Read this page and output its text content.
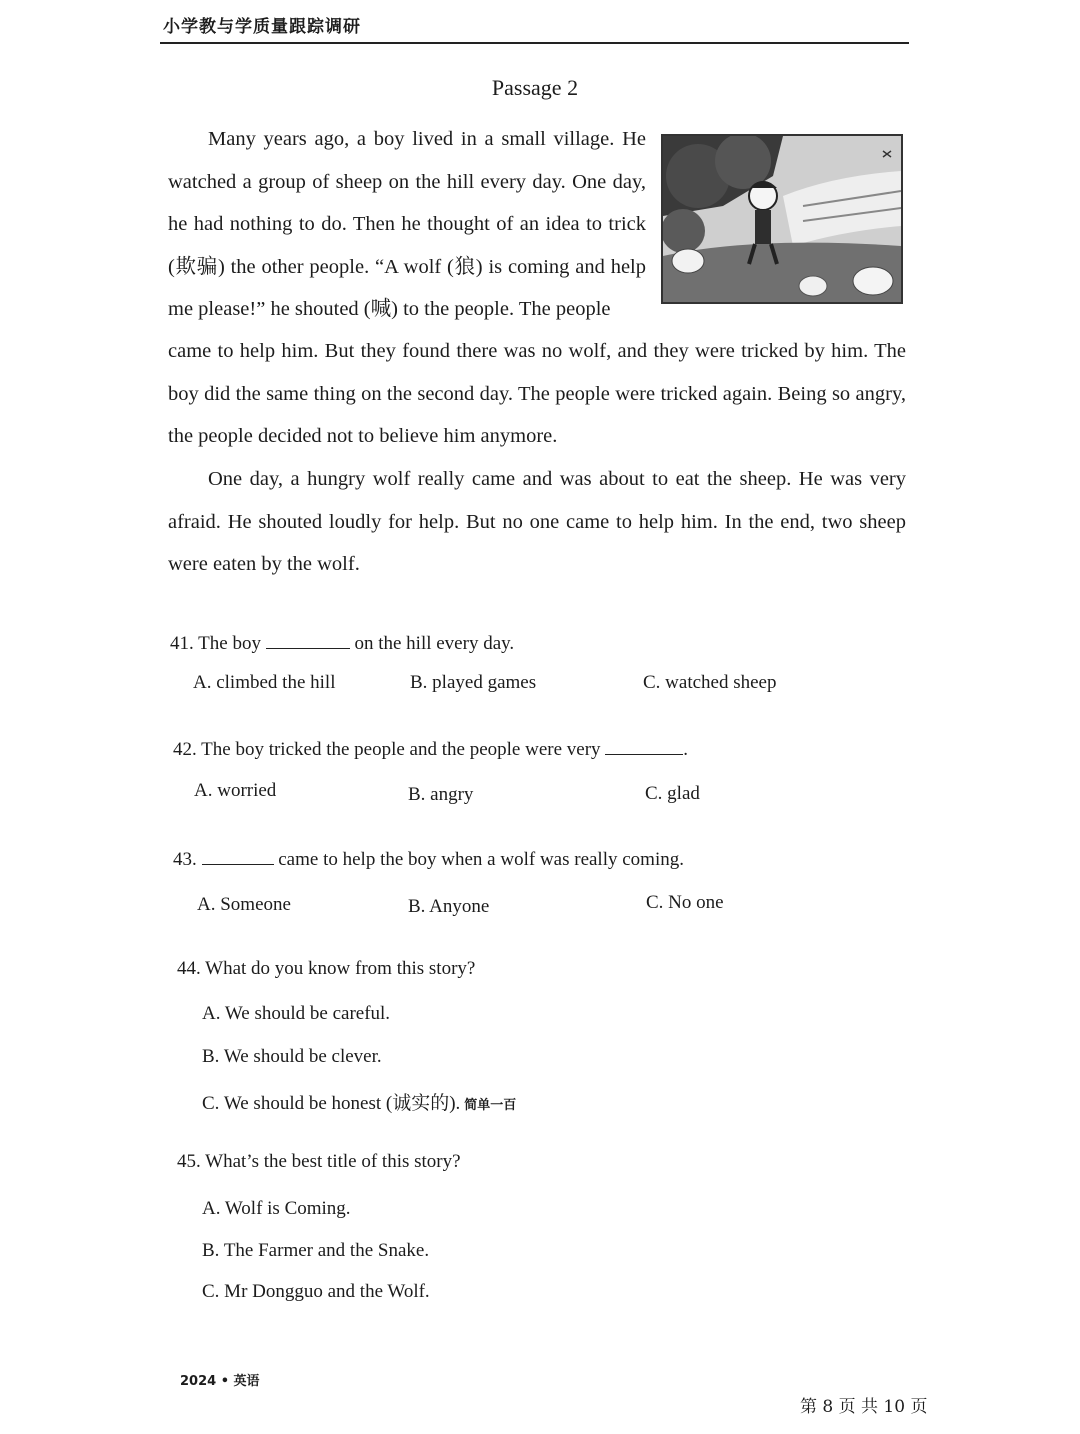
小学教与学质量跟踪调研
Passage 2

Many years ago, a boy lived in a small village. He watched a group of sheep on the hill every day. One day, he had nothing to do. Then he thought of an idea to trick (欺骗) the other people. “A wolf (狼) is coming and help me please!” he shouted (喊) to the people. The people

came to help him. But they found there was no wolf, and they were tricked by him. The boy did the same thing on the second day. The people were tricked again. Being so angry, the people decided not to believe him anymore.

One day, a hungry wolf really came and was about to eat the sheep. He was very afraid. He shouted loudly for help. But no one came to help him. In the end, two sheep were eaten by the wolf.

41. The boy	on the hill every day.
A. climbed the hill	B. played games	C. watched sheep
42. The boy tricked the people and the people were very	.
A. worried	B. angry	C. glad
43.	came to help the boy when a wolf was really coming.
A. Someone	B. Anyone	C. No one
44. What do you know from this story?
A. We should be careful.
B. We should be clever.
C. We should be honest (诚实的). 简单一百
45. What’s the best title of this story?
A. Wolf is Coming.
B. The Farmer and the Snake.
C. Mr Dongguo and the Wolf.
2024 • 英语
第 8 页 共 10 页
